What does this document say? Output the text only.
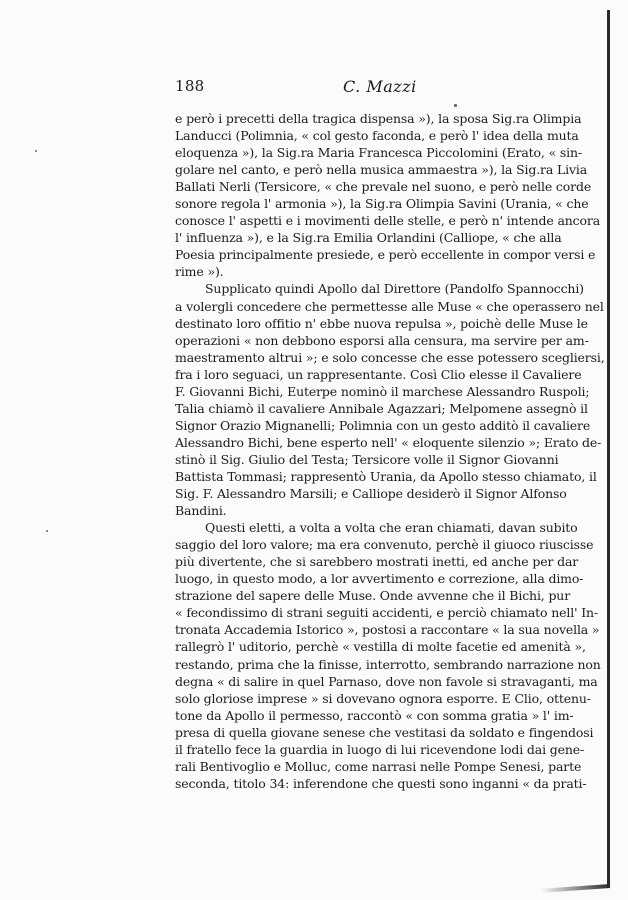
188	C. Mazzi
e però i precetti della tragica dispensa »), la sposa Sig.ra Olimpia
Landucci (Polimnia, « col gesto faconda, e però l' idea della muta
eloquenza »), la Sig.ra Maria Francesca Piccolomini (Erato, « sin-
golare nel canto, e però nella musica ammaestra »), la Sig.ra Livia
Ballati Nerli (Tersicore, « che prevale nel suono, e però nelle corde
sonore regola l' armonia »), la Sig.ra Olimpia Savini (Urania, « che
conosce l' aspetti e i movimenti delle stelle, e però n' intende ancora
l' influenza »), e la Sig.ra Emilia Orlandini (Calliope, « che alla
Poesia principalmente presiede, e però eccellente in compor versi e
rime »).
Supplicato quindi Apollo dal Direttore (Pandolfo Spannocchi)
a volergli concedere che permettesse alle Muse « che operassero nel
destinato loro offitio n' ebbe nuova repulsa », poichè delle Muse le
operazioni « non debbono esporsi alla censura, ma servire per am-
maestramento altrui »; e solo concesse che esse potessero scegliersi,
fra i loro seguaci, un rappresentante. Così Clio elesse il Cavaliere
F. Giovanni Bichi, Euterpe nominò il marchese Alessandro Ruspoli;
Talia chiamò il cavaliere Annibale Agazzari; Melpomene assegnò il
Signor Orazio Mignanelli; Polimnia con un gesto additò il cavaliere
Alessandro Bichi, bene esperto nell' « eloquente silenzio »; Erato de-
stinò il Sig. Giulio del Testa; Tersicore volle il Signor Giovanni
Battista Tommasi; rappresentò Urania, da Apollo stesso chiamato, il
Sig. F. Alessandro Marsili; e Calliope desiderò il Signor Alfonso
Bandini.
Questi eletti, a volta a volta che eran chiamati, davan subito
saggio del loro valore; ma era convenuto, perchè il giuoco riuscisse
più divertente, che si sarebbero mostrati inetti, ed anche per dar
luogo, in questo modo, a lor avvertimento e correzione, alla dimo-
strazione del sapere delle Muse. Onde avvenne che il Bichi, pur
« fecondissimo di strani seguiti accidenti, e perciò chiamato nell' In-
tronata Accademia Istorico », postosi a raccontare « la sua novella »
rallegrò l' uditorio, perchè « vestilla di molte facetie ed amenità »,
restando, prima che la finisse, interrotto, sembrando narrazione non
degna « di salire in quel Parnaso, dove non favole si stravaganti, ma
solo gloriose imprese » si dovevano ognora esporre. E Clio, ottenu-
tone da Apollo il permesso, raccontò « con somma gratia » l' im-
presa di quella giovane senese che vestitasi da soldato e fingendosi
il fratello fece la guardia in luogo di lui ricevendone lodi dai gene-
rali Bentivoglio e Molluc, come narrasi nelle Pompe Senesi, parte
seconda, titolo 34: inferendone che questi sono inganni « da prati-
